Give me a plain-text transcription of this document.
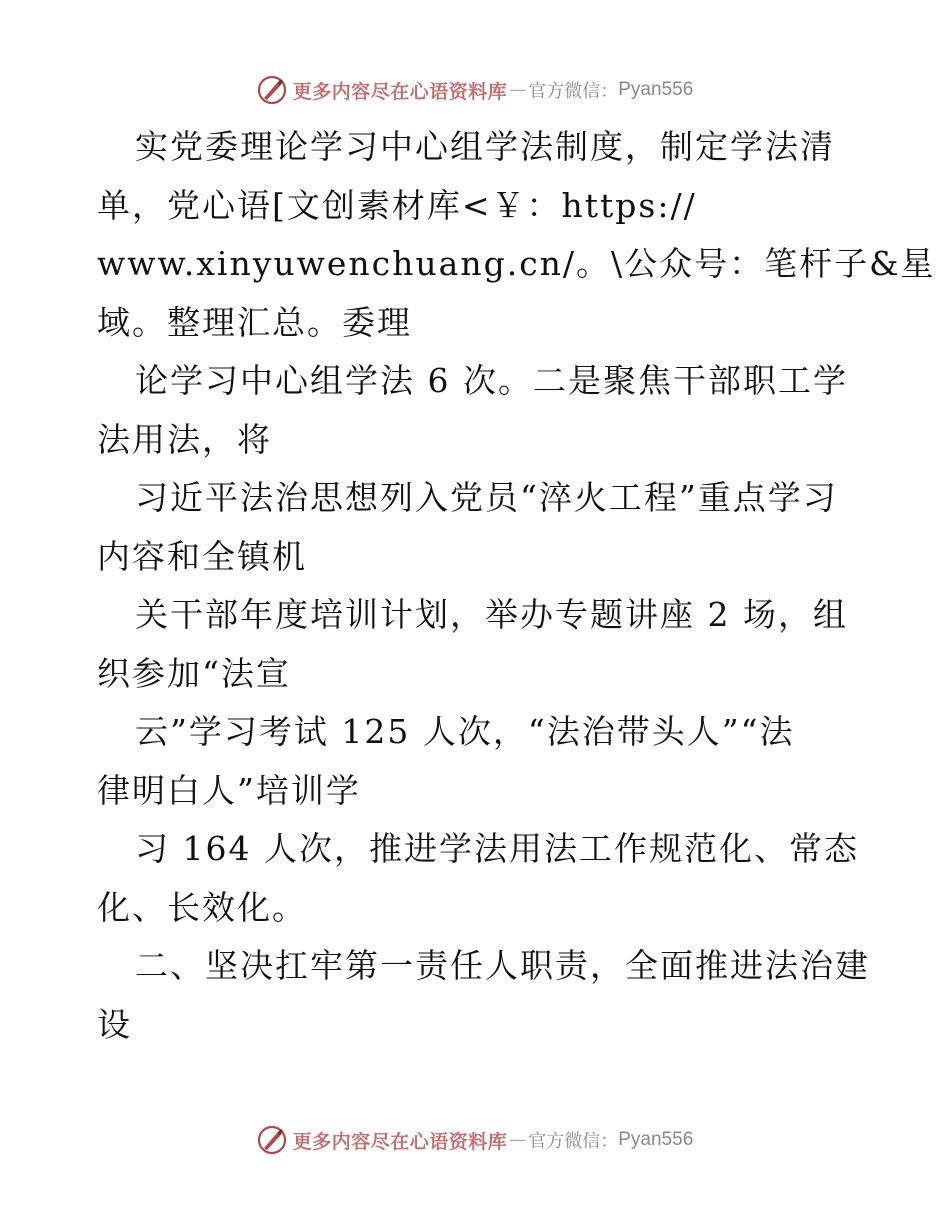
更多内容尽在心语资料库 — 官方微信： Pyan556
实党委理论学习中心组学法制度，制定学法清
单，党心语[文创素材库<￥：https://
www.xinyuwenchuang.cn/。\公众号：笔杆子&星
域。整理汇总。委理
论学习中心组学法 6 次。二是聚焦干部职工学
法用法，将
习近平法治思想列入党员“淬火工程”重点学习
内容和全镇机
关干部年度培训计划，举办专题讲座 2 场，组
织参加“法宣
云”学习考试 125 人次，“法治带头人”“法
律明白人”培训学
习 164 人次，推进学法用法工作规范化、常态
化、长效化。
二、坚决扛牢第一责任人职责，全面推进法治建
设
更多内容尽在心语资料库 — 官方微信： Pyan556
